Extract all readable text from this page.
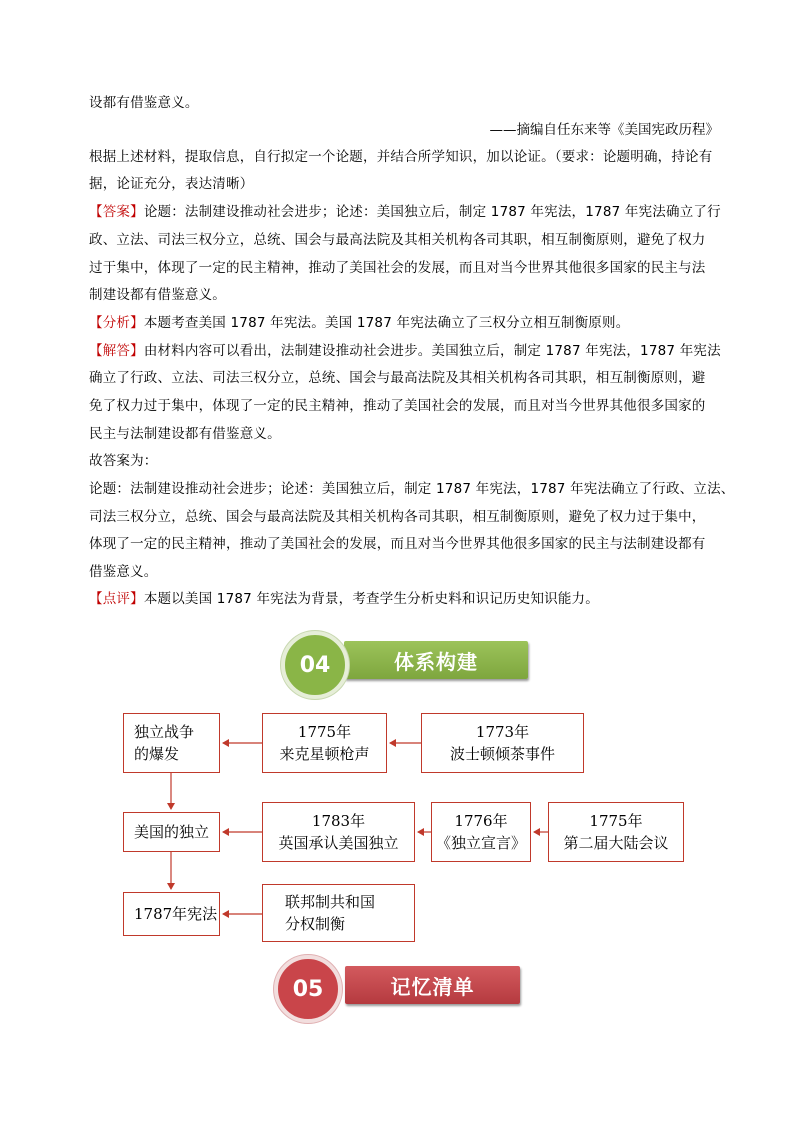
设都有借鉴意义。
——摘编自任东来等《美国宪政历程》
根据上述材料，提取信息，自行拟定一个论题，并结合所学知识，加以论证。（要求：论题明确，持论有
据，论证充分，表达清晰）
【答案】论题：法制建设推动社会进步；论述：美国独立后，制定 1787 年宪法，1787 年宪法确立了行
政、立法、司法三权分立，总统、国会与最高法院及其相关机构各司其职，相互制衡原则，避免了权力
过于集中，体现了一定的民主精神，推动了美国社会的发展，而且对当今世界其他很多国家的民主与法
制建设都有借鉴意义。
【分析】本题考查美国 1787 年宪法。美国 1787 年宪法确立了三权分立相互制衡原则。
【解答】由材料内容可以看出，法制建设推动社会进步。美国独立后，制定 1787 年宪法，1787 年宪法
确立了行政、立法、司法三权分立，总统、国会与最高法院及其相关机构各司其职，相互制衡原则，避
免了权力过于集中，体现了一定的民主精神，推动了美国社会的发展，而且对当今世界其他很多国家的
民主与法制建设都有借鉴意义。
故答案为：
论题：法制建设推动社会进步；论述：美国独立后，制定 1787 年宪法，1787 年宪法确立了行政、立法、
司法三权分立，总统、国会与最高法院及其相关机构各司其职，相互制衡原则，避免了权力过于集中，
体现了一定的民主精神，推动了美国社会的发展，而且对当今世界其他很多国家的民主与法制建设都有
借鉴意义。
【点评】本题以美国 1787 年宪法为背景，考查学生分析史料和识记历史知识能力。
体系构建
04
独立战争
的爆发
1775年
来克星顿枪声
1773年
波士顿倾茶事件
美国的独立
1783年
英国承认美国独立
1776年
《独立宣言》
1775年
第二届大陆会议
1787年宪法
联邦制共和国
分权制衡
记忆清单
05
